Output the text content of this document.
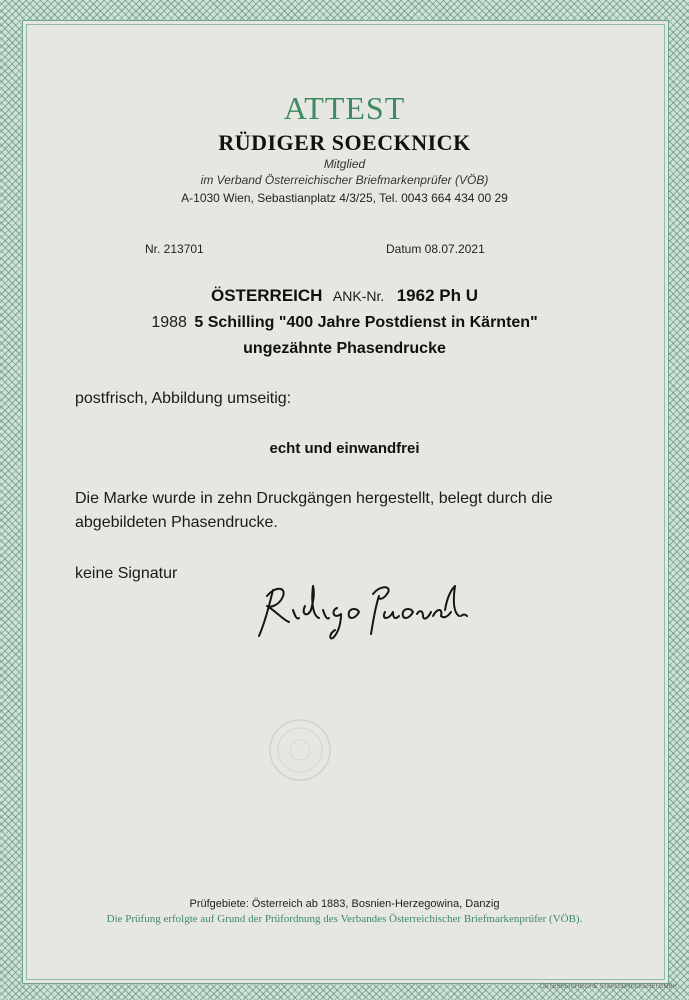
ATTEST
RÜDIGER SOECKNICK
Mitglied
im Verband Österreichischer Briefmarkenprüfer (VÖB)
A-1030 Wien, Sebastianplatz 4/3/25, Tel. 0043 664 434 00 29
Nr. 213701	Datum 08.07.2021
ÖSTERREICH ANK-Nr. 1962 Ph U
1988 5 Schilling "400 Jahre Postdienst in Kärnten"
ungezähnte Phasendrucke
postfrisch, Abbildung umseitig:
echt und einwandfrei
Die Marke wurde in zehn Druckgängen hergestellt, belegt durch die
abgebildeten Phasendrucke.
keine Signatur
Prüfgebiete: Österreich ab 1883, Bosnien-Herzegowina, Danzig
Die Prüfung erfolgte auf Grund der Prüfordnung des Verbandes Österreichischer Briefmarkenprüfer (VÖB).
ÖSTERREICHISCHE STAATSDRUCKEREI GMBH
